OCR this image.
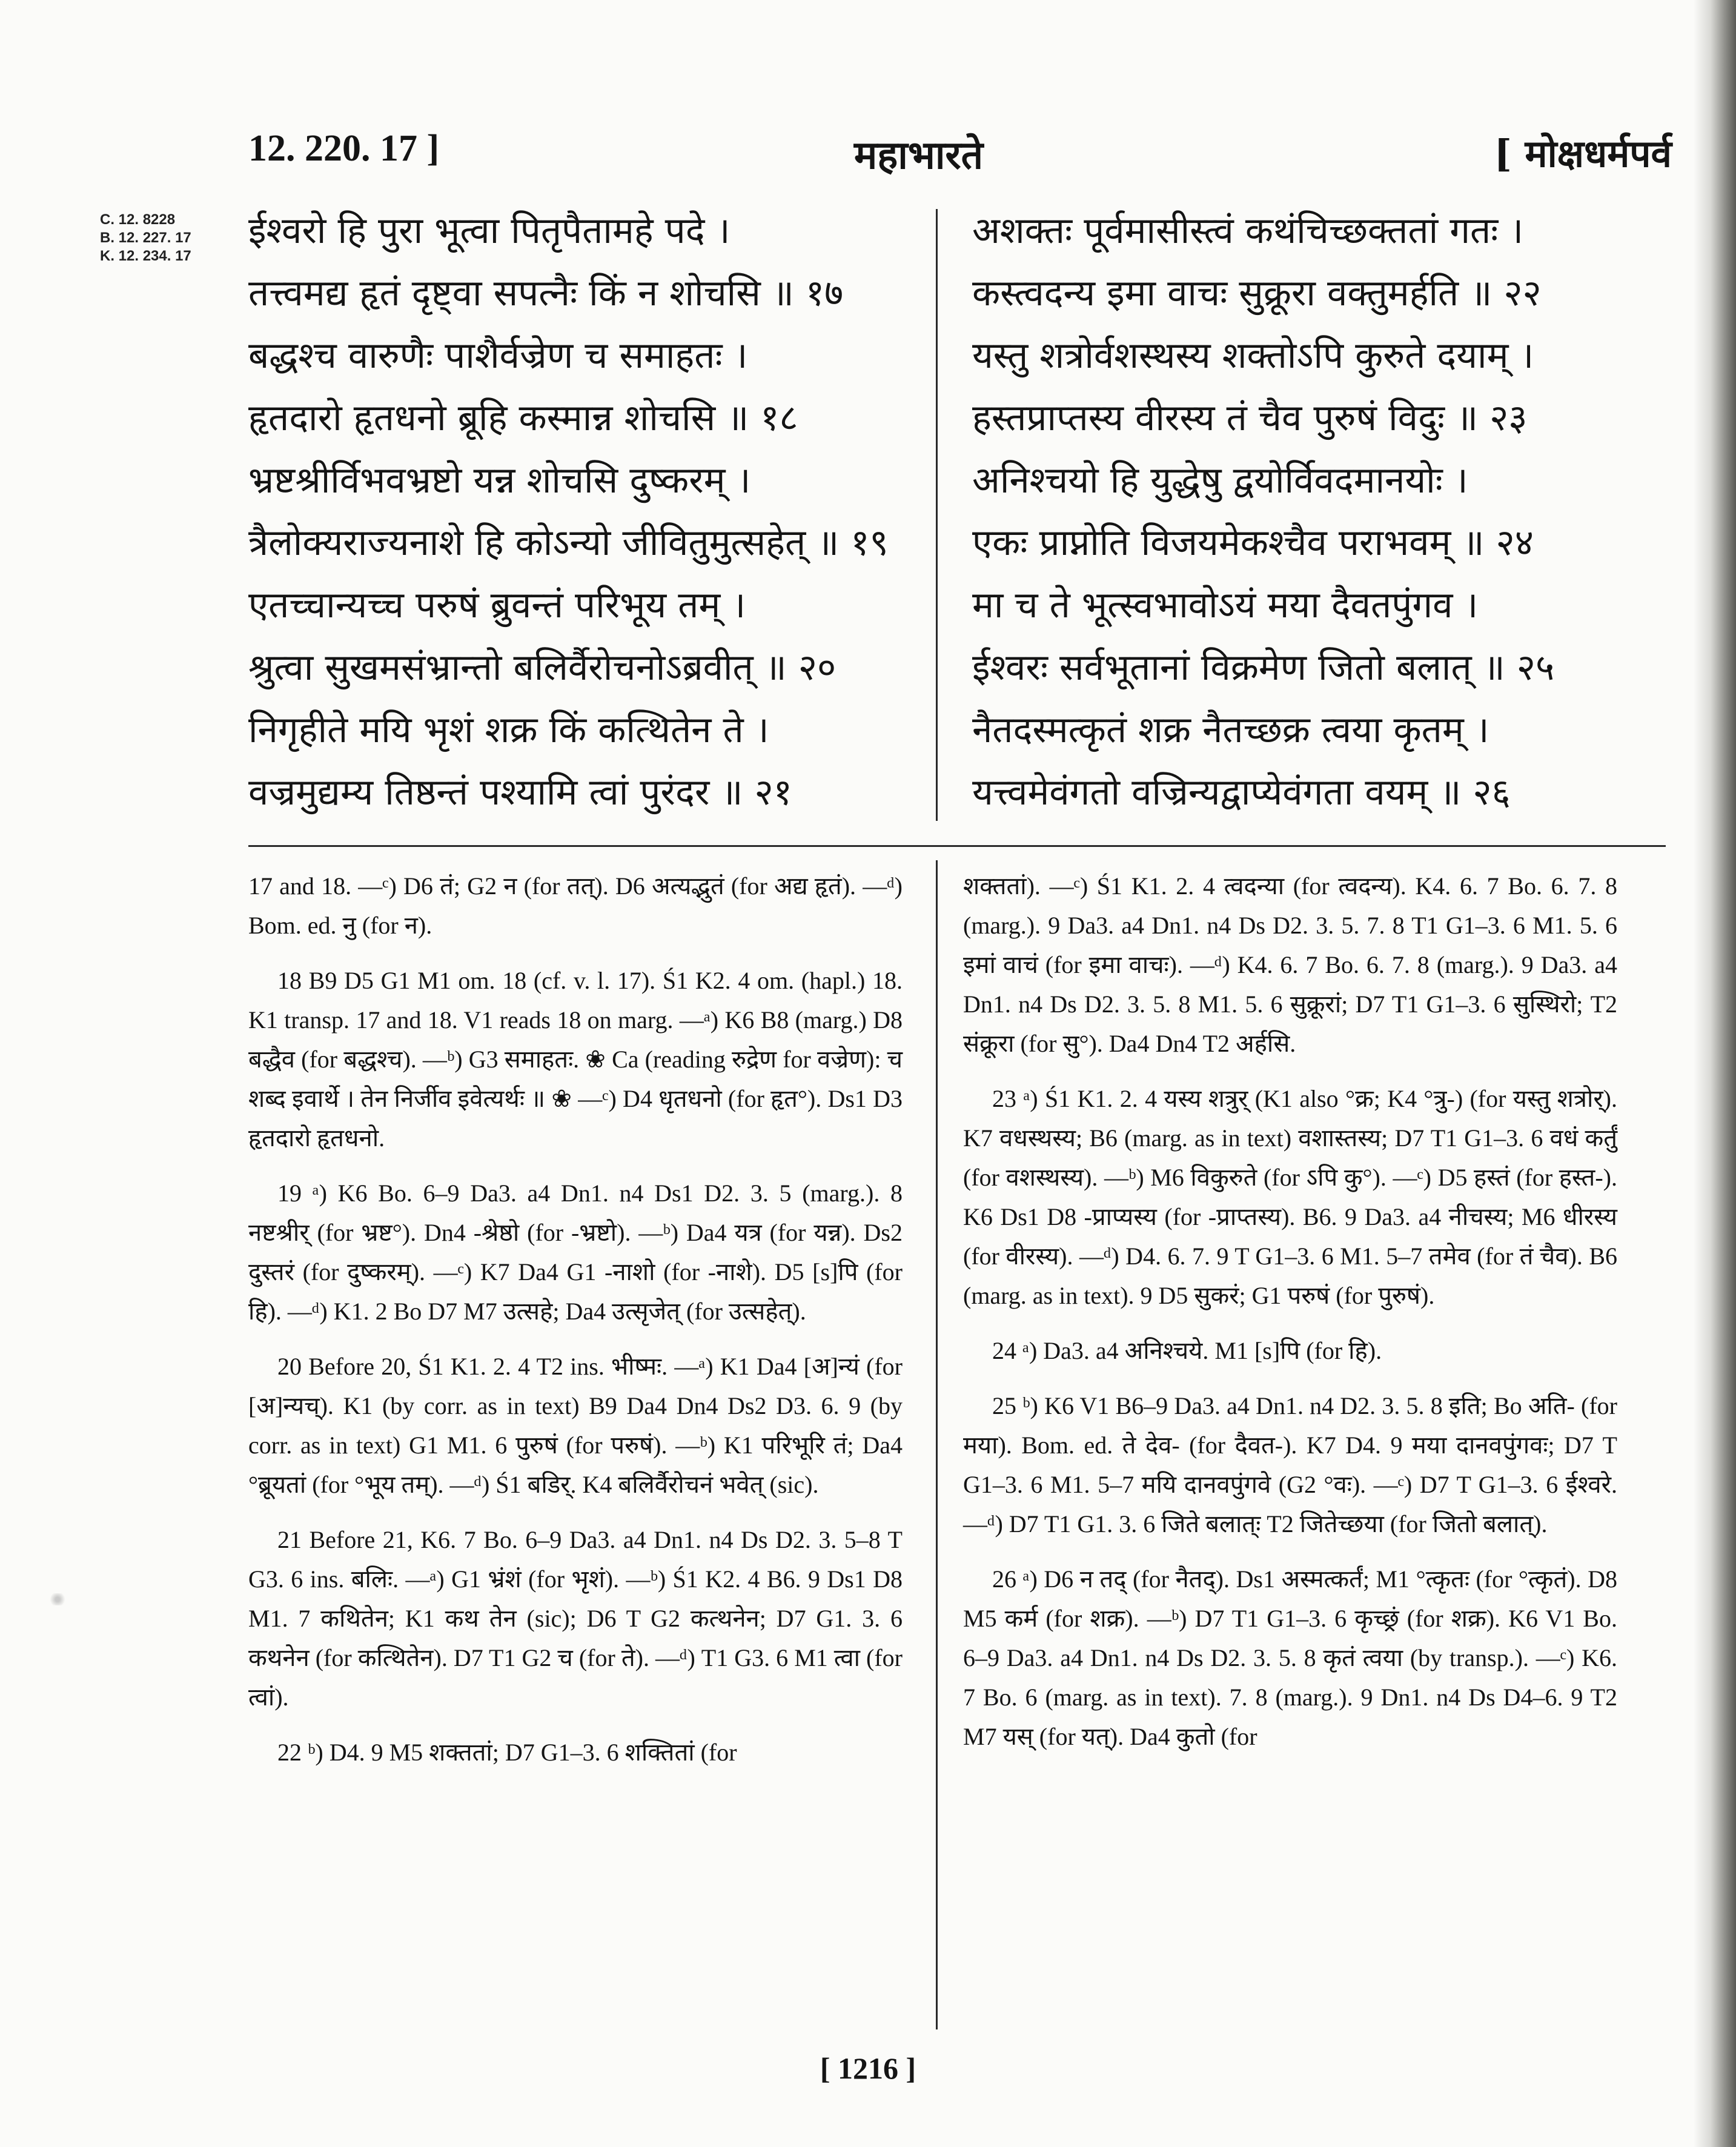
12. 220. 17 ]	महाभारते	[ मोक्षधर्मपर्व
C. 12. 8228
B. 12. 227. 17
K. 12. 234. 17
ईश्वरो हि पुरा भूत्वा पितृपैतामहे पदे ।
तत्त्वमद्य हृतं दृष्ट्वा सपत्नैः किं न शोचसि ॥ १७
बद्धश्च वारुणैः पाशैर्वज्रेण च समाहतः ।
हृतदारो हृतधनो ब्रूहि कस्मान्न शोचसि ॥ १८
भ्रष्टश्रीर्विभवभ्रष्टो यन्न शोचसि दुष्करम् ।
त्रैलोक्यराज्यनाशे हि कोऽन्यो जीवितुमुत्सहेत् ॥ १९
एतच्चान्यच्च परुषं ब्रुवन्तं परिभूय तम् ।
श्रुत्वा सुखमसंभ्रान्तो बलिर्वैरोचनोऽब्रवीत् ॥ २०
निगृहीते मयि भृशं शक्र किं कत्थितेन ते ।
वज्रमुद्यम्य तिष्ठन्तं पश्यामि त्वां पुरंदर ॥ २१
अशक्तः पूर्वमासीस्त्वं कथंचिच्छक्ततां गतः ।
कस्त्वदन्य इमा वाचः सुक्रूरा वक्तुमर्हति ॥ २२
यस्तु शत्रोर्वशस्थस्य शक्तोऽपि कुरुते दयाम् ।
हस्तप्राप्तस्य वीरस्य तं चैव पुरुषं विदुः ॥ २३
अनिश्चयो हि युद्धेषु द्वयोर्विवदमानयोः ।
एकः प्राप्नोति विजयमेकश्चैव पराभवम् ॥ २४
मा च ते भूत्स्वभावोऽयं मया दैवतपुंगव ।
ईश्वरः सर्वभूतानां विक्रमेण जितो बलात् ॥ २५
नैतदस्मत्कृतं शक्र नैतच्छक्र त्वया कृतम् ।
यत्त्वमेवंगतो वज्रिन्यद्वाप्येवंगता वयम् ॥ २६

17 and 18. —ᶜ) D6 तं; G2 न (for तत्). D6 अत्यद्भुतं (for अद्य हृतं). —ᵈ) Bom. ed. नु (for न).

18 B9 D5 G1 M1 om. 18 (cf. v. l. 17). Ś1 K2. 4 om. (hapl.) 18. K1 transp. 17 and 18. V1 reads 18 on marg. —ᵃ) K6 B8 (marg.) D8 बद्धैव (for बद्धश्च). —ᵇ) G3 समाहतः. ❀ Ca (reading रुद्रेण for वज्रेण): च शब्द इवार्थे । तेन निर्जीव इवेत्यर्थः ॥ ❀ —ᶜ) D4 धृतधनो (for हृत°). Ds1 D3 हृतदारो हृतधनो.

19 ᵃ) K6 Bo. 6–9 Da3. a4 Dn1. n4 Ds1 D2. 3. 5 (marg.). 8 नष्टश्रीर् (for भ्रष्ट°). Dn4 -श्रेष्ठो (for -भ्रष्टो). —ᵇ) Da4 यत्र (for यन्न). Ds2 दुस्तरं (for दुष्करम्). —ᶜ) K7 Da4 G1 -नाशो (for -नाशे). D5 [s]पि (for हि). —ᵈ) K1. 2 Bo D7 M7 उत्सहे; Da4 उत्सृजेत् (for उत्सहेत्).

20 Before 20, Ś1 K1. 2. 4 T2 ins. भीष्मः. —ᵃ) K1 Da4 [अ]न्यं (for [अ]न्यच्). K1 (by corr. as in text) B9 Da4 Dn4 Ds2 D3. 6. 9 (by corr. as in text) G1 M1. 6 पुरुषं (for परुषं). —ᵇ) K1 परिभूरि तं; Da4 °ब्रूयतां (for °भूय तम्). —ᵈ) Ś1 बडिर्. K4 बलिर्वैरोचनं भवेत् (sic).

21 Before 21, K6. 7 Bo. 6–9 Da3. a4 Dn1. n4 Ds D2. 3. 5–8 T G3. 6 ins. बलिः. —ᵃ) G1 भ्रंशं (for भृशं). —ᵇ) Ś1 K2. 4 B6. 9 Ds1 D8 M1. 7 कथितेन; K1 कथ तेन (sic); D6 T G2 कत्थनेन; D7 G1. 3. 6 कथनेन (for कत्थितेन). D7 T1 G2 च (for ते). —ᵈ) T1 G3. 6 M1 त्वा (for त्वां).

22 ᵇ) D4. 9 M5 शक्ततां; D7 G1–3. 6 शक्तितां (for

शक्ततां). —ᶜ) Ś1 K1. 2. 4 त्वदन्या (for त्वदन्य). K4. 6. 7 Bo. 6. 7. 8 (marg.). 9 Da3. a4 Dn1. n4 Ds D2. 3. 5. 7. 8 T1 G1–3. 6 M1. 5. 6 इमां वाचं (for इमा वाचः). —ᵈ) K4. 6. 7 Bo. 6. 7. 8 (marg.). 9 Da3. a4 Dn1. n4 Ds D2. 3. 5. 8 M1. 5. 6 सुक्रूरां; D7 T1 G1–3. 6 सुस्थिरो; T2 संक्रूरा (for सु°). Da4 Dn4 T2 अर्हसि.

23 ᵃ) Ś1 K1. 2. 4 यस्य शत्रुर् (K1 also °क्र; K4 °त्रु-) (for यस्तु शत्रोर्). K7 वधस्थस्य; B6 (marg. as in text) वशास्तस्य; D7 T1 G1–3. 6 वधं कर्तुं (for वशस्थस्य). —ᵇ) M6 विकुरुते (for ऽपि कु°). —ᶜ) D5 हस्तं (for हस्त-). K6 Ds1 D8 -प्राप्यस्य (for -प्राप्तस्य). B6. 9 Da3. a4 नीचस्य; M6 धीरस्य (for वीरस्य). —ᵈ) D4. 6. 7. 9 T G1–3. 6 M1. 5–7 तमेव (for तं चैव). B6 (marg. as in text). 9 D5 सुकरं; G1 परुषं (for पुरुषं).

24 ᵃ) Da3. a4 अनिश्चये. M1 [s]पि (for हि).

25 ᵇ) K6 V1 B6–9 Da3. a4 Dn1. n4 D2. 3. 5. 8 इति; Bo अति- (for मया). Bom. ed. ते देव- (for दैवत-). K7 D4. 9 मया दानवपुंगवः; D7 T G1–3. 6 M1. 5–7 मयि दानवपुंगवे (G2 °वः). —ᶜ) D7 T G1–3. 6 ईश्वरे. —ᵈ) D7 T1 G1. 3. 6 जिते बलात्ः T2 जितेच्छया (for जितो बलात्).

26 ᵃ) D6 न तद् (for नैतद्). Ds1 अस्मत्कर्तं; M1 °त्कृतः (for °त्कृतं). D8 M5 कर्म (for शक्र). —ᵇ) D7 T1 G1–3. 6 कृच्छ्रं (for शक्र). K6 V1 Bo. 6–9 Da3. a4 Dn1. n4 Ds D2. 3. 5. 8 कृतं त्वया (by transp.). —ᶜ) K6. 7 Bo. 6 (marg. as in text). 7. 8 (marg.). 9 Dn1. n4 Ds D4–6. 9 T2 M7 यस् (for यत्). Da4 कुतो (for

[ 1216 ]
